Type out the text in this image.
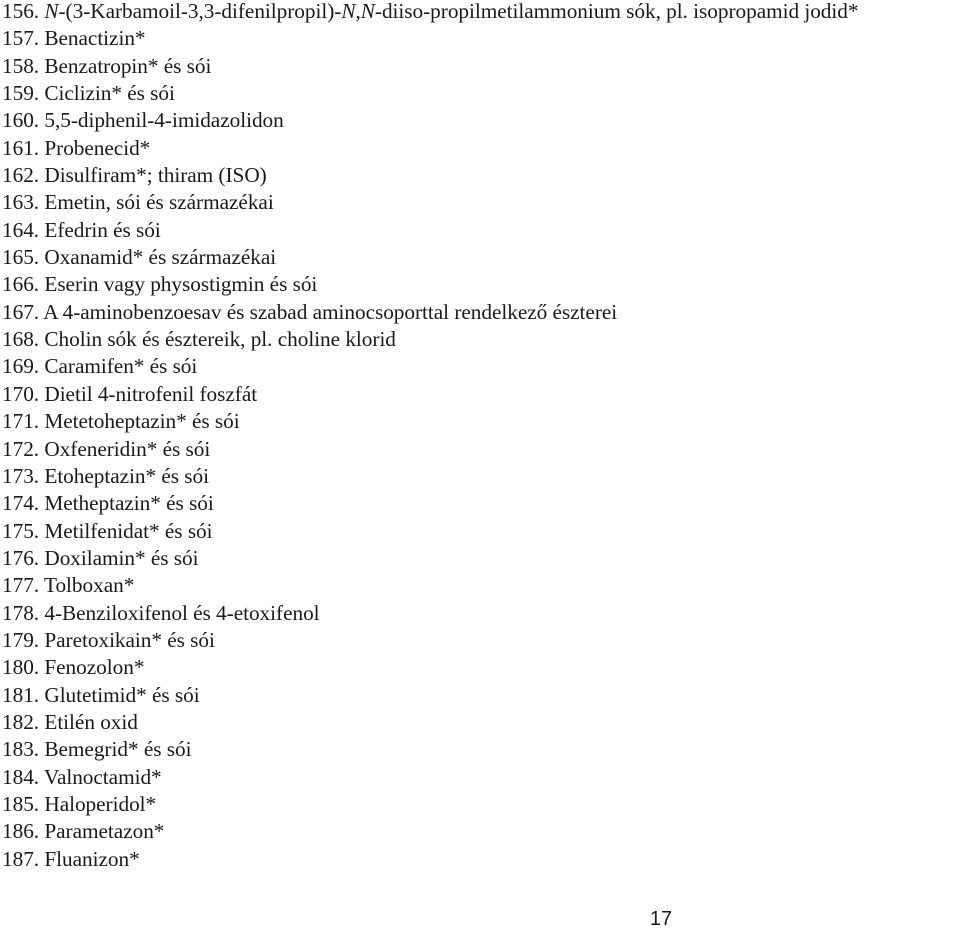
156. N-(3-Karbamoil-3,3-difenilpropil)-N,N-diiso-propilmetilammonium sók, pl. isopropamid jodid*
157. Benactizin*
158. Benzatropin* és sói
159. Ciclizin* és sói
160. 5,5-diphenil-4-imidazolidon
161. Probenecid*
162. Disulfiram*; thiram (ISO)
163. Emetin, sói és származékai
164. Efedrin és sói
165. Oxanamid* és származékai
166. Eserin vagy physostigmin és sói
167. A 4-aminobenzoesav és szabad aminocsoporttal rendelkező észterei
168. Cholin sók és észtereik, pl. choline klorid
169. Caramifen* és sói
170. Dietil 4-nitrofenil foszfát
171. Metetoheptazin* és sói
172. Oxfeneridin* és sói
173. Etoheptazin* és sói
174. Metheptazin* és sói
175. Metilfenidat* és sói
176. Doxilamin* és sói
177. Tolboxan*
178. 4-Benziloxifenol és 4-etoxifenol
179. Paretoxikain* és sói
180. Fenozolon*
181. Glutetimid* és sói
182. Etilén oxid
183. Bemegrid* és sói
184. Valnoctamid*
185. Haloperidol*
186. Parametazon*
187. Fluanizon*
17
